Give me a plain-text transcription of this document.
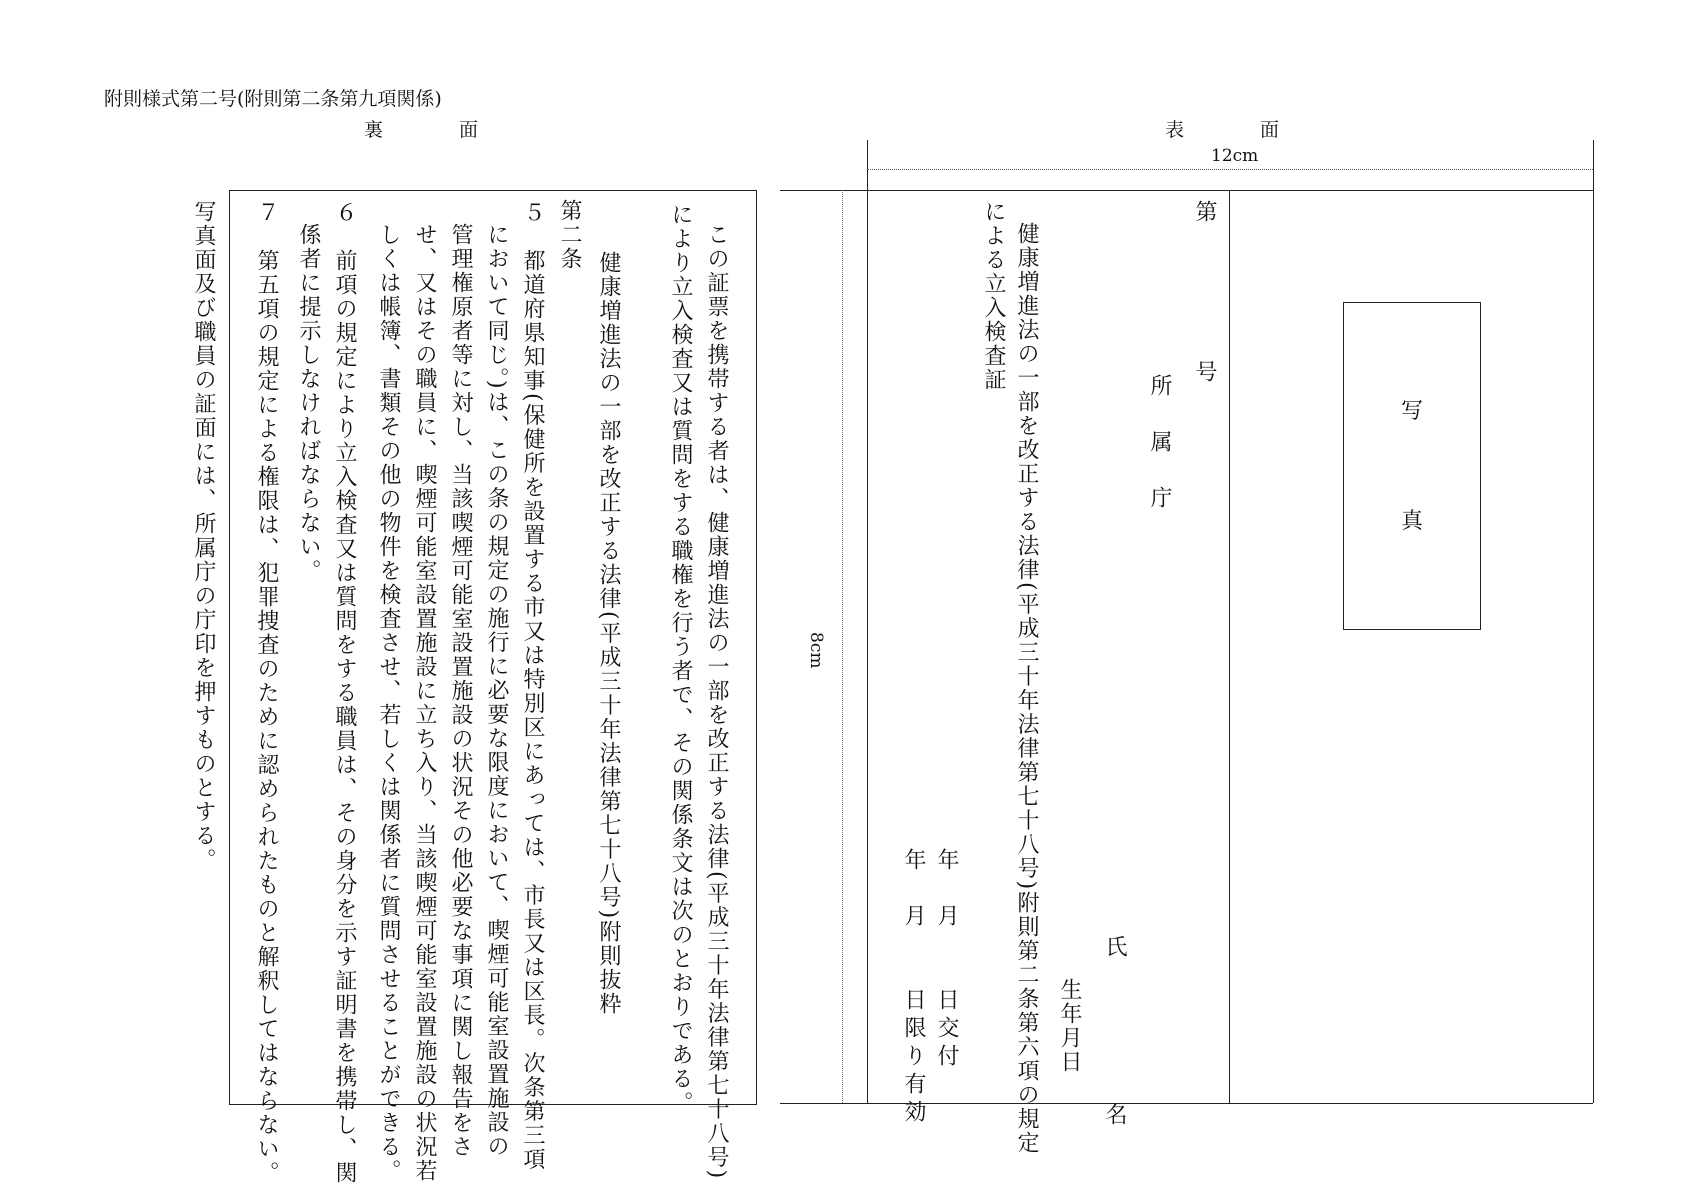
附則様式第二号(附則第二条第九項関係)
裏　　　　面
この証票を携帯する者は、健康増進法の一部を改正する法律(平成三十年法律第七十八号)
により立入検査又は質問をする職権を行う者で、その関係条文は次のとおりである。
　　健康増進法の一部を改正する法律(平成三十年法律第七十八号)附則抜粋
第二条
５　都道府県知事(保健所を設置する市又は特別区にあっては、市長又は区長。次条第三項
において同じ。)は、この条の規定の施行に必要な限度において、喫煙可能室設置施設の
管理権原者等に対し、当該喫煙可能室設置施設の状況その他必要な事項に関し報告をさ
せ、又はその職員に、喫煙可能室設置施設に立ち入り、当該喫煙可能室設置施設の状況若
しくは帳簿、書類その他の物件を検査させ、若しくは関係者に質問させることができる。
６　前項の規定により立入検査又は質問をする職員は、その身分を示す証明書を携帯し、関
係者に提示しなければならない。
７　第五項の規定による権限は、犯罪捜査のために認められたものと解釈してはならない。
写真面及び職員の証面には、所属庁の庁印を押すものとする。
表　　　　面
12cm
8cm
第　　　　号
所　属　庁
健康増進法の一部を改正する法律(平成三十年法律第七十八号)附則第二条第六項の規定
による立入検査証
氏　　　　　　名
生年月日
年　月　　日交付
年　月　　日限り有効
写
真
